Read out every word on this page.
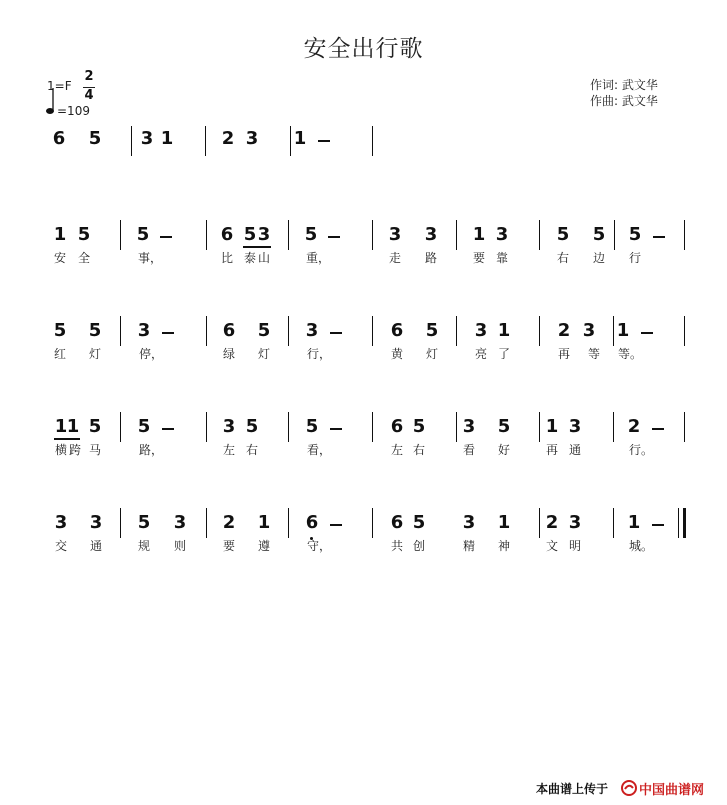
安全出行歌
1=F
2
4
=109
作词: 武文华
作曲: 武文华
6 5 3 1	2 3 1
1 5	5	6 5 3 5	3 3 1 3	5 5 5
安 全	事，	比 泰 山	重，	走	路	要 靠	右	边	行
5 5 3	6 5 3	6 5 3 1	2 3 1
红	灯	停，	绿	灯	行，	黄	灯	亮 了	再	等	等。
1 1 5 5	3 5	5	6 5 3 5 1 3	2
横 跨 马	路，	左 右	看，	左 右	看	好	再 通	行。
3 3 5 3 2 1 6	6 5 3 1 2 3	1
交	通	规	则	要	遵	守，	共 创	精	神	文 明	城。
本曲谱上传于 中国曲谱网
